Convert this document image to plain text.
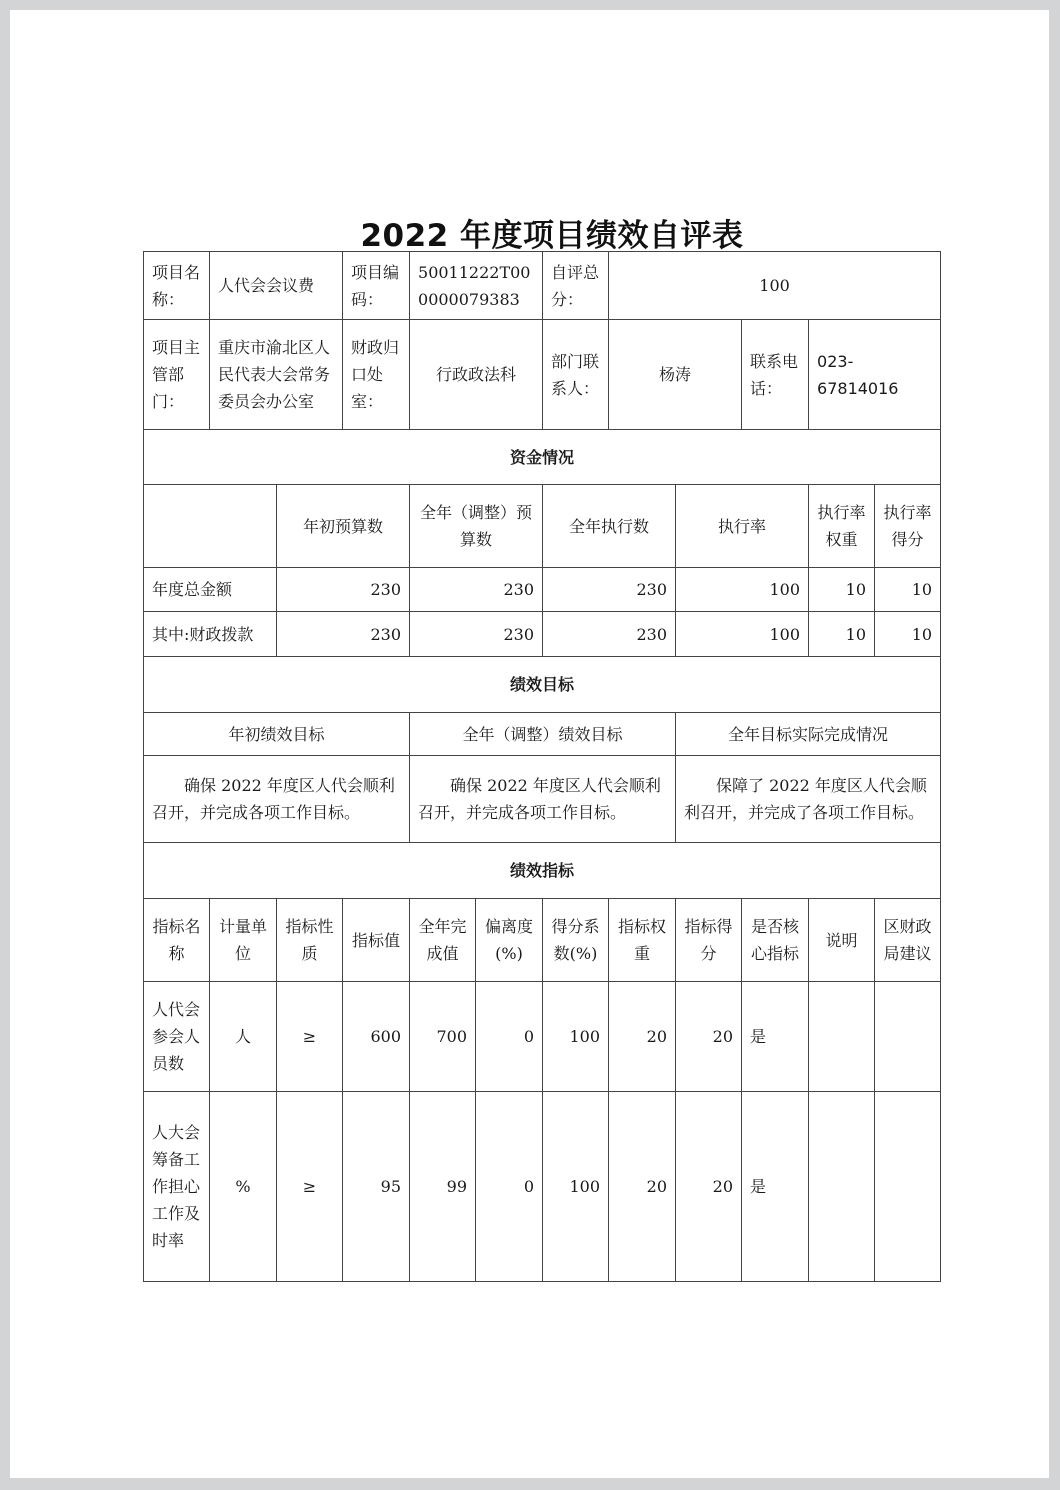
2022 年度项目绩效自评表
项目名称：	人代会会议费		项目编码：	50011222T000000079383		自评总分：	100				
项目主管部门：	重庆市渝北区人民代表大会常务委员会办公室		财政归口处室：	行政政法科		部门联系人：	杨涛		联系电话：	023-67814016	
资金情况											
		年初预算数		全年（调整）预算数		全年执行数		执行率		执行率权重	执行率得分
年度总金额		230		230		230		100		10	10
其中:财政拨款		230		230		230		100		10	10
绩效目标											
年初绩效目标				全年（调整）绩效目标				全年目标实际完成情况			
确保 2022 年度区人代会顺利召开，并完成各项工作目标。				确保 2022 年度区人代会顺利召开，并完成各项工作目标。				保障了 2022 年度区人代会顺利召开，并完成了各项工作目标。			
绩效指标											
指标名称	计量单位	指标性质	指标值	全年完成值	偏离度(%)	得分系数(%)	指标权重	指标得分	是否核心指标	说明	区财政局建议
人代会参会人员数	人	≥	600	700	0	100	20	20	是		
人大会筹备工作担心工作及时率	%	≥	95	99	0	100	20	20	是		
